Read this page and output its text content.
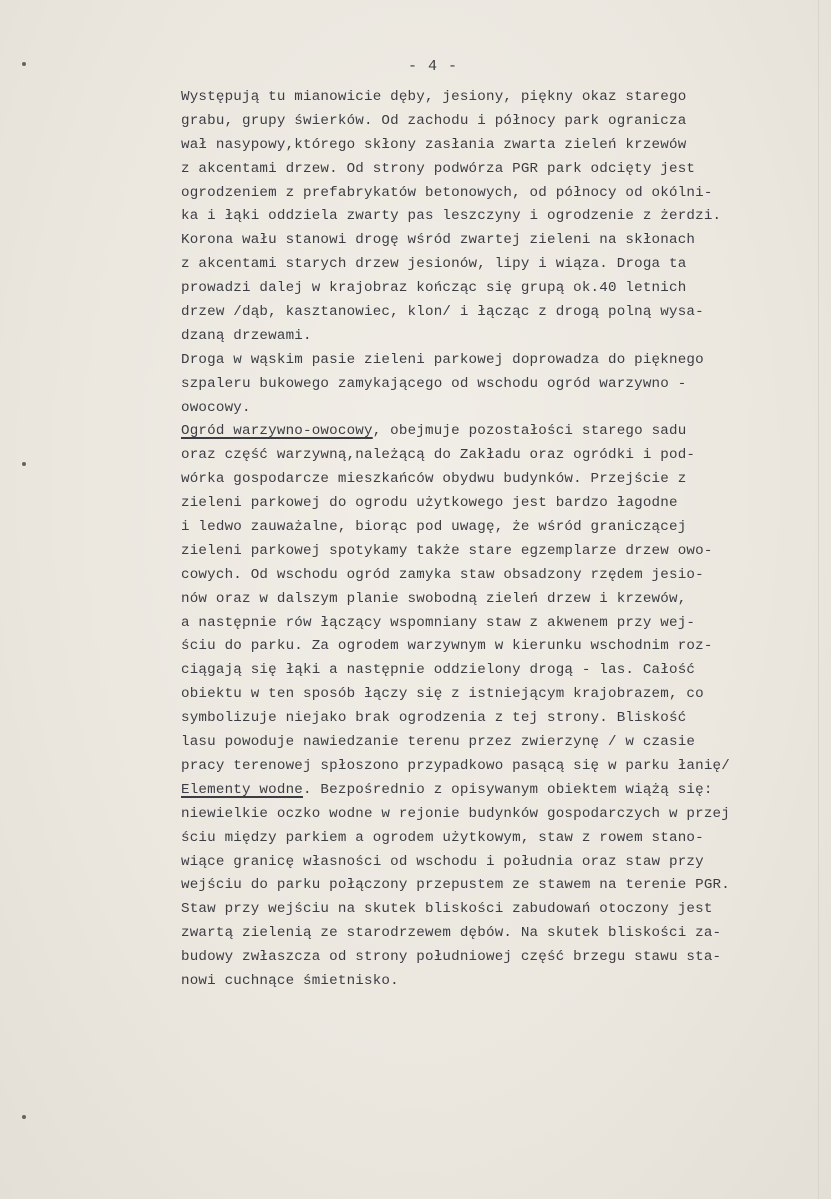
- 4 -
Występują tu mianowicie dęby, jesiony, piękny okaz starego
grabu, grupy świerków. Od zachodu i północy park ogranicza
wał nasypowy,którego skłony zasłania zwarta zieleń krzewów
z akcentami drzew. Od strony podwórza PGR park odcięty jest
ogrodzeniem z prefabrykatów betonowych, od północy od okólni-
ka i łąki oddziela zwarty pas leszczyny i ogrodzenie z żerdzi.
Korona wału stanowi drogę wśród zwartej zieleni na skłonach
z akcentami starych drzew jesionów, lipy i wiąza. Droga ta
prowadzi dalej w krajobraz kończąc się grupą ok.40 letnich
drzew /dąb, kasztanowiec, klon/ i łącząc z drogą polną wysa-
dzaną drzewami.
Droga w wąskim pasie zieleni parkowej doprowadza do pięknego
szpaleru bukowego zamykającego od wschodu ogród warzywno -
owocowy.
Ogród warzywno-owocowy, obejmuje pozostałości starego sadu
oraz część warzywną,należącą do Zakładu oraz ogródki i pod-
wórka gospodarcze mieszkańców obydwu budynków. Przejście z
zieleni parkowej do ogrodu użytkowego jest bardzo łagodne
i ledwo zauważalne, biorąc pod uwagę, że wśród graniczącej
zieleni parkowej spotykamy także stare egzemplarze drzew owo-
cowych. Od wschodu ogród zamyka staw obsadzony rzędem jesio-
nów oraz w dalszym planie swobodną zieleń drzew i krzewów,
a następnie rów łączący wspomniany staw z akwenem przy wej-
ściu do parku. Za ogrodem warzywnym w kierunku wschodnim roz-
ciągają się łąki a następnie oddzielony drogą - las. Całość
obiektu w ten sposób łączy się z istniejącym krajobrazem, co
symbolizuje niejako brak ogrodzenia z tej strony. Bliskość
lasu powoduje nawiedzanie terenu przez zwierzynę / w czasie
pracy terenowej spłoszono przypadkowo pasącą się w parku łanię/
Elementy wodne. Bezpośrednio z opisywanym obiektem wiążą się:
niewielkie oczko wodne w rejonie budynków gospodarczych w przej
ściu między parkiem a ogrodem użytkowym, staw z rowem stano-
wiące granicę własności od wschodu i południa oraz staw przy
wejściu do parku połączony przepustem ze stawem na terenie PGR.
Staw przy wejściu na skutek bliskości zabudowań otoczony jest
zwartą zielenią ze starodrzewem dębów. Na skutek bliskości za-
budowy zwłaszcza od strony południowej część brzegu stawu sta-
nowi cuchnące śmietnisko.
